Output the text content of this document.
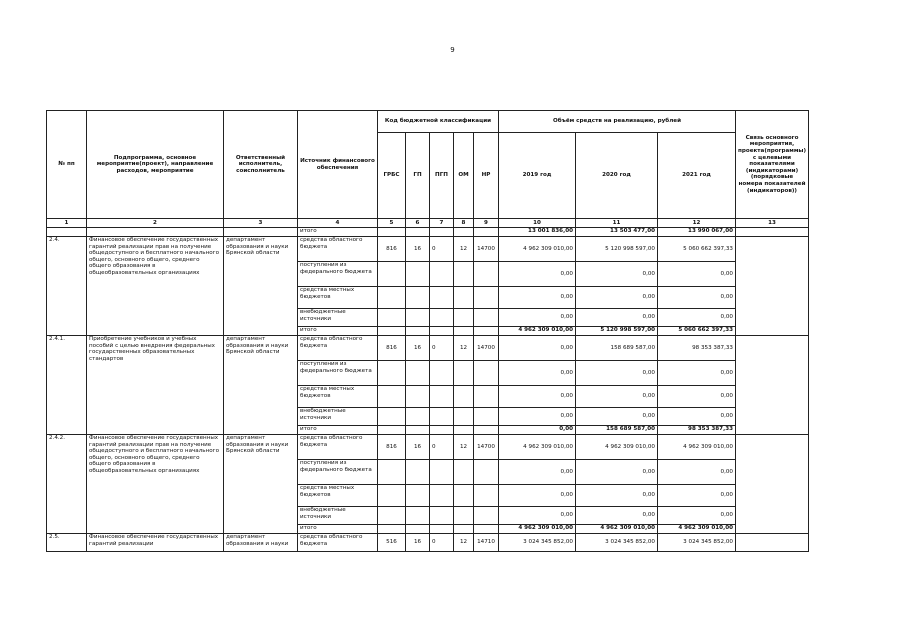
9
№ пп	Подпрограмма, основное мероприятие(проект), направление расходов, мероприятие	Ответственный исполнитель, соисполнитель	Источник финансового обеспечения	Код бюджетной классификации					Объём средств на реализацию, рублей			Связь основного мероприятия, проекта(программы) с целевыми показателями (индикаторами) (порядковые номера показателей (индикаторов))
				ГРБС	ГП	ПГП	ОМ	НР	2019 год	2020 год	2021 год	
1	2	3	4	5	6	7	8	9	10	11	12	13
			итого						13 001 836,00	13 503 477,00	13 990 067,00	
2.4.	Финансовое обеспечение государственных гарантий реализации прав на получение общедоступного и бесплатного начального общего, основного общего, среднего общего образования в общеобразовательных организациях	департамент образования и науки Брянской области	средства областного бюджета	816	16	0	12	14700	4 962 309 010,00	5 120 998 597,00	5 060 662 397,33	
			поступления из федерального бюджета						0,00	0,00	0,00	
			средства местных бюджетов						0,00	0,00	0,00	
			внебюджетные источники						0,00	0,00	0,00	
			итого						4 962 309 010,00	5 120 998 597,00	5 060 662 397,33	
2.4.1.	Приобретение учебников и учебных пособий с целью внедрения федеральных государственных образовательных стандартов	департамент образования и науки Брянской области	средства областного бюджета	816	16	0	12	14700	0,00	158 689 587,00	98 353 387,33	
			поступления из федерального бюджета						0,00	0,00	0,00	
			средства местных бюджетов						0,00	0,00	0,00	
			внебюджетные источники						0,00	0,00	0,00	
			итого						0,00	158 689 587,00	98 353 387,33	
2.4.2.	Финансовое обеспечение государственных гарантий реализации прав на получение общедоступного и бесплатного начального общего, основного общего, среднего общего образования в общеобразовательных организациях	департамент образования и науки Брянской области	средства областного бюджета	816	16	0	12	14700	4 962 309 010,00	4 962 309 010,00	4 962 309 010,00	
			поступления из федерального бюджета						0,00	0,00	0,00	
			средства местных бюджетов						0,00	0,00	0,00	
			внебюджетные источники						0,00	0,00	0,00	
			итого						4 962 309 010,00	4 962 309 010,00	4 962 309 010,00	
2.5.	Финансовое обеспечение государственных гарантий реализации	департамент образования и науки	средства областного бюджета	516	16	0	12	14710	3 024 345 852,00	3 024 345 852,00	3 024 345 852,00	
